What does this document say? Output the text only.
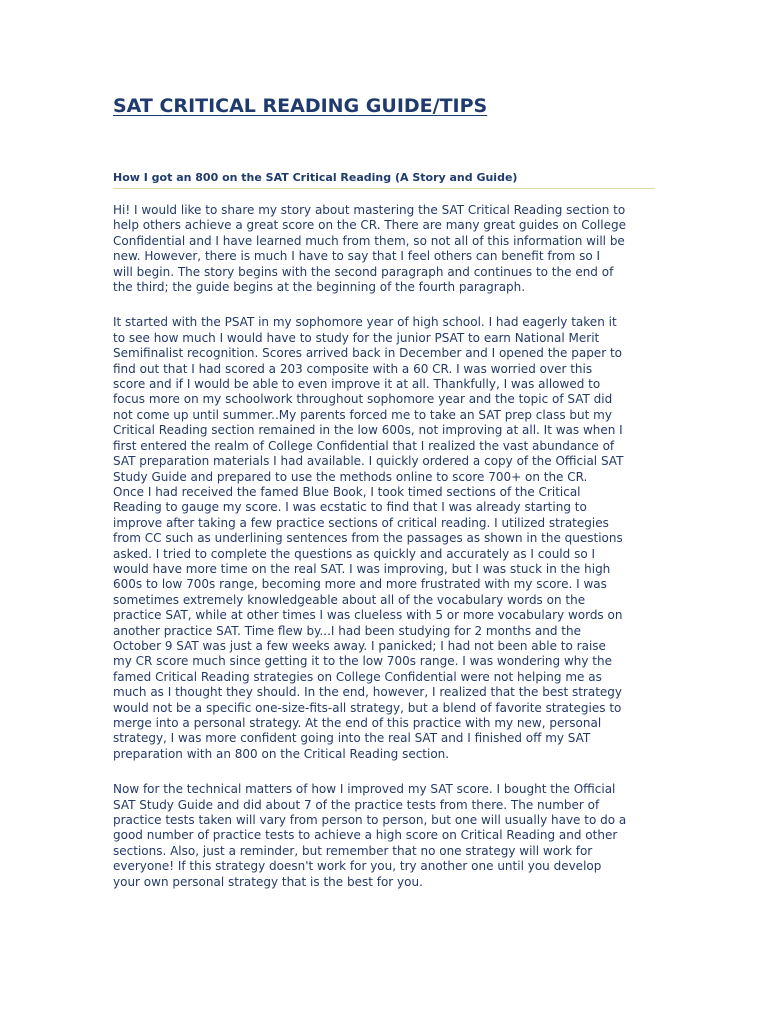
SAT CRITICAL READING GUIDE/TIPS
How I got an 800 on the SAT Critical Reading (A Story and Guide)

Hi! I would like to share my story about mastering the SAT Critical Reading section to
help others achieve a great score on the CR. There are many great guides on College
Confidential and I have learned much from them, so not all of this information will be
new. However, there is much I have to say that I feel others can benefit from so I
will begin. The story begins with the second paragraph and continues to the end of
the third; the guide begins at the beginning of the fourth paragraph.

It started with the PSAT in my sophomore year of high school. I had eagerly taken it
to see how much I would have to study for the junior PSAT to earn National Merit
Semifinalist recognition. Scores arrived back in December and I opened the paper to
find out that I had scored a 203 composite with a 60 CR. I was worried over this
score and if I would be able to even improve it at all. Thankfully, I was allowed to
focus more on my schoolwork throughout sophomore year and the topic of SAT did
not come up until summer..My parents forced me to take an SAT prep class but my
Critical Reading section remained in the low 600s, not improving at all. It was when I
first entered the realm of College Confidential that I realized the vast abundance of
SAT preparation materials I had available. I quickly ordered a copy of the Official SAT
Study Guide and prepared to use the methods online to score 700+ on the CR.
Once I had received the famed Blue Book, I took timed sections of the Critical
Reading to gauge my score. I was ecstatic to find that I was already starting to
improve after taking a few practice sections of critical reading. I utilized strategies
from CC such as underlining sentences from the passages as shown in the questions
asked. I tried to complete the questions as quickly and accurately as I could so I
would have more time on the real SAT. I was improving, but I was stuck in the high
600s to low 700s range, becoming more and more frustrated with my score. I was
sometimes extremely knowledgeable about all of the vocabulary words on the
practice SAT, while at other times I was clueless with 5 or more vocabulary words on
another practice SAT. Time flew by...I had been studying for 2 months and the
October 9 SAT was just a few weeks away. I panicked; I had not been able to raise
my CR score much since getting it to the low 700s range. I was wondering why the
famed Critical Reading strategies on College Confidential were not helping me as
much as I thought they should. In the end, however, I realized that the best strategy
would not be a specific one-size-fits-all strategy, but a blend of favorite strategies to
merge into a personal strategy. At the end of this practice with my new, personal
strategy, I was more confident going into the real SAT and I finished off my SAT
preparation with an 800 on the Critical Reading section.

Now for the technical matters of how I improved my SAT score. I bought the Official
SAT Study Guide and did about 7 of the practice tests from there. The number of
practice tests taken will vary from person to person, but one will usually have to do a
good number of practice tests to achieve a high score on Critical Reading and other
sections. Also, just a reminder, but remember that no one strategy will work for
everyone! If this strategy doesn't work for you, try another one until you develop
your own personal strategy that is the best for you.
